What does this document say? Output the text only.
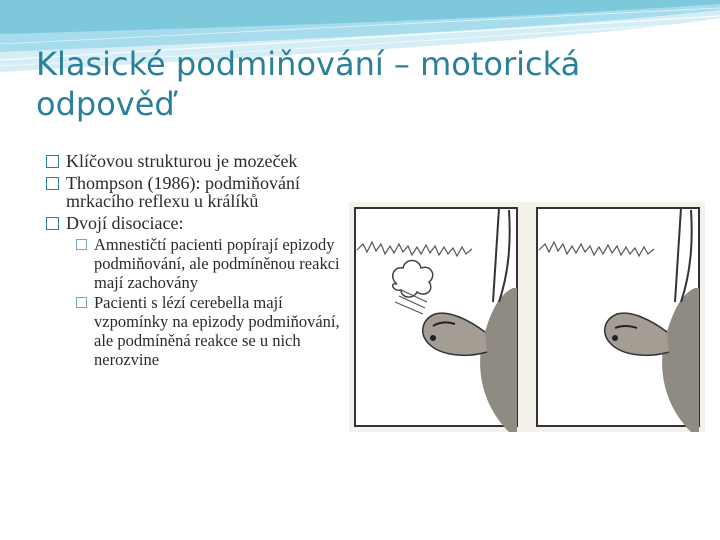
Klasické podmiňování – motorická odpověď
Klíčovou strukturou je mozeček
Thompson (1986): podmiňování mrkacího reflexu u králíků
Dvojí disociace:
Amnestičtí pacienti popírají epizody podmiňování, ale podmíněnou reakci mají zachovány
Pacienti s lézí cerebella mají vzpomínky na epizody podmiňování, ale podmíněná reakce se u nich nerozvine
